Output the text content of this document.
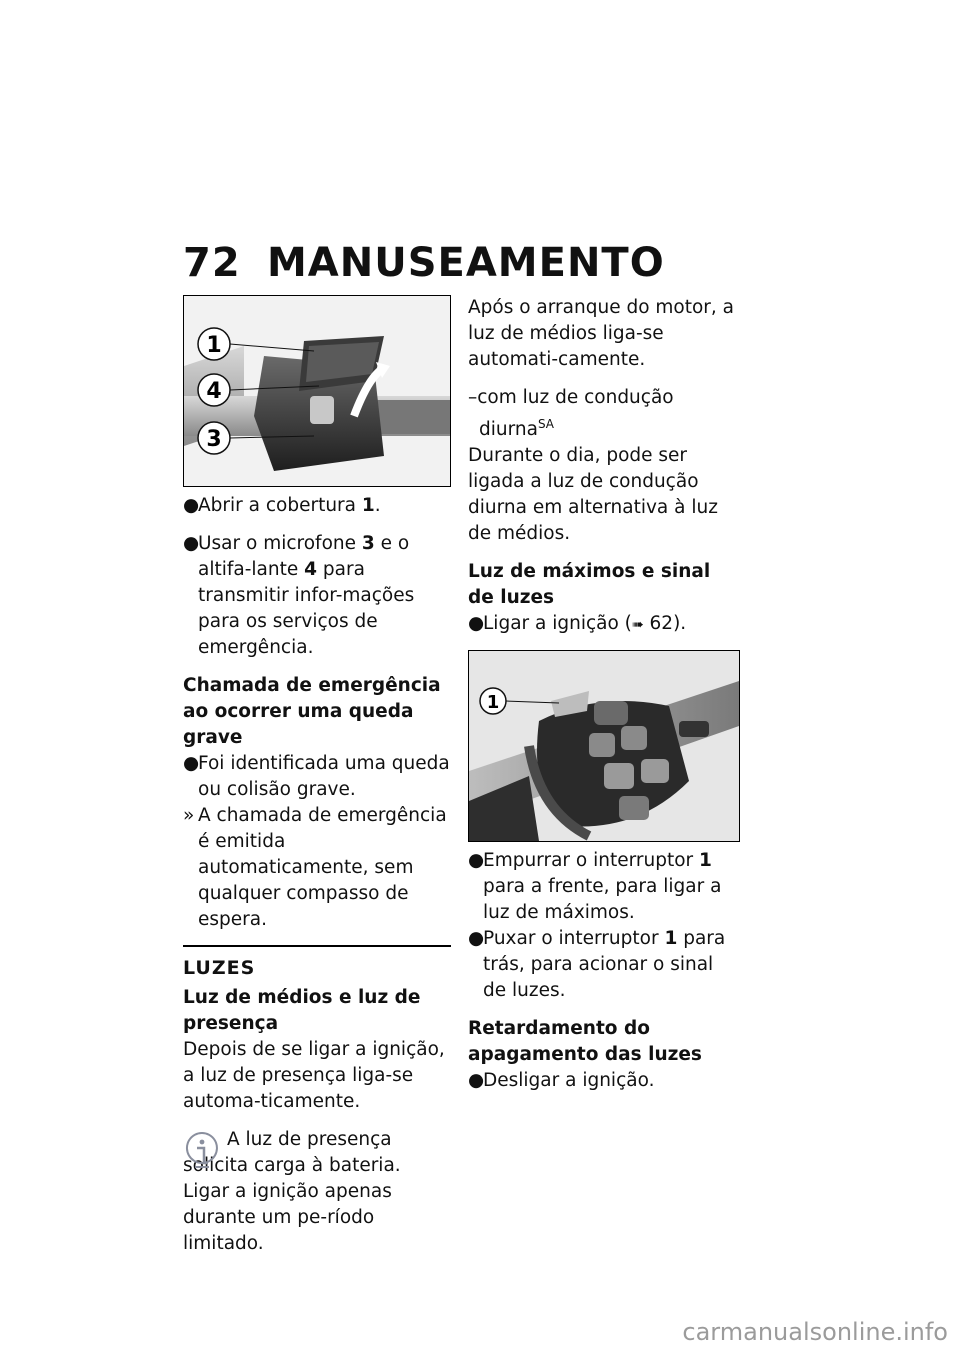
72 MANUSEAMENTO
1
4
3

●
Abrir a cobertura 1.

●
Usar o microfone 3 e o altifa-lante 4 para transmitir infor-mações para os serviços de emergência.

Chamada de emergência ao ocorrer uma queda grave

●
Foi identificada uma queda ou colisão grave.

» A chamada de emergência é emitida automaticamente, sem qualquer compasso de espera.

LUZES
Luz de médios e luz de presença

Depois de se ligar a ignição, a luz de presença liga-se automa-ticamente.

A luz de presença solicita carga à bateria. Ligar a ignição apenas durante um pe-ríodo limitado.

Após o arranque do motor, a luz de médios liga-se automati-camente.

–com luz de condução diurna$^{SA}$

Durante o dia, pode ser ligada a luz de condução diurna em alternativa à luz de médios.

Luz de máximos e sinal de luzes

●
Ligar a ignição (➠ 62).

1

●
Empurrar o interruptor 1 para a frente, para ligar a luz de máximos.

●
Puxar o interruptor 1 para trás, para acionar o sinal de luzes.

Retardamento do apagamento das luzes

●
Desligar a ignição.

carmanualsonline.info
